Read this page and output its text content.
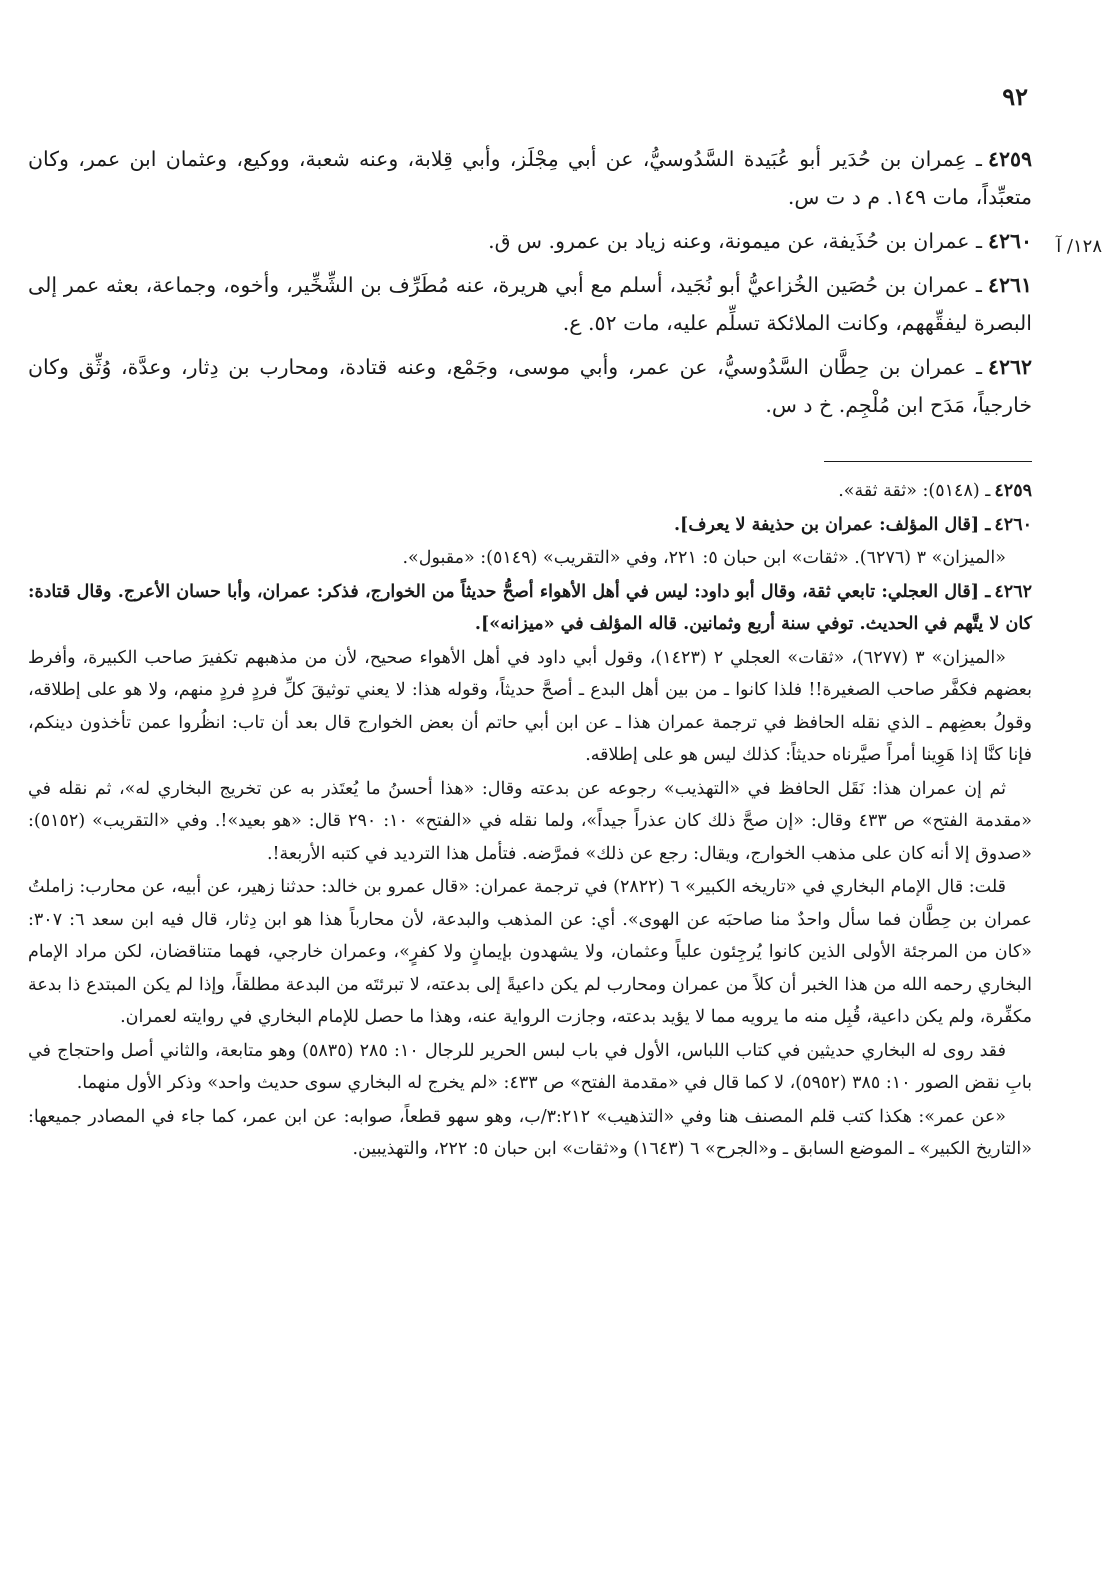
٩٢
١٢٨/ آ
٤٢٥٩ـ عِمران بن حُدَير أبو عُبَيدة السَّدُوسيُّ، عن أبي مِجْلَز، وأبي قِلابة، وعنه شعبة، ووكيع، وعثمان ابن عمر، وكان متعبِّداً، مات ١٤٩. م د ت س.
٤٢٦٠ـ عمران بن حُذَيفة، عن ميمونة، وعنه زياد بن عمرو. س ق.
٤٢٦١ـ عمران بن حُصَين الخُزاعيُّ أبو نُجَيد، أسلم مع أبي هريرة، عنه مُطَرِّف بن الشِّخِّير، وأخوه، وجماعة، بعثه عمر إلى البصرة ليفقِّههم، وكانت الملائكة تسلِّم عليه، مات ٥٢. ع.
٤٢٦٢ـ عمران بن حِطَّان السَّدُوسيُّ، عن عمر، وأبي موسى، وجَمْع، وعنه قتادة، ومحارب بن دِثار، وعدَّة، وُثِّق وكان خارجياً، مَدَح ابن مُلْجِم. خ د س.
٤٢٥٩ـ (٥١٤٨): «ثقة ثقة».
٤٢٦٠ـ [قال المؤلف: عمران بن حذيفة لا يعرف].
«الميزان» ٣ (٦٢٧٦). «ثقات» ابن حبان ٥: ٢٢١، وفي «التقريب» (٥١٤٩): «مقبول».
٤٢٦٢ـ [قال العجلي: تابعي ثقة، وقال أبو داود: ليس في أهل الأهواء أصحُّ حديثاً من الخوارج، فذكر: عمران، وأبا حسان الأعرج. وقال قتادة: كان لا يتَّهم في الحديث. توفي سنة أربع وثمانين. قاله المؤلف في «ميزانه»].
«الميزان» ٣ (٦٢٧٧)، «ثقات» العجلي ٢ (١٤٢٣)، وقول أبي داود في أهل الأهواء صحيح، لأن من مذهبهم تكفيرَ صاحب الكبيرة، وأفرط بعضهم فكفَّر صاحب الصغيرة!! فلذا كانوا ـ من بين أهل البدع ـ أصحَّ حديثاً، وقوله هذا: لا يعني توثيقَ كلِّ فردٍ فردٍ منهم، ولا هو على إطلاقه، وقولُ بعضِهم ـ الذي نقله الحافظ في ترجمة عمران هذا ـ عن ابن أبي حاتم أن بعض الخوارج قال بعد أن تاب: انظُروا عمن تأخذون دينكم، فإنا كنَّا إذا هَوِينا أمراً صيَّرناه حديثاً: كذلك ليس هو على إطلاقه.
ثم إن عمران هذا: نَقَل الحافظ في «التهذيب» رجوعه عن بدعته وقال: «هذا أحسنُ ما يُعتَذر به عن تخريج البخاري له»، ثم نقله في «مقدمة الفتح» ص ٤٣٣ وقال: «إن صحَّ ذلك كان عذراً جيداً»، ولما نقله في «الفتح» ١٠: ٢٩٠ قال: «هو بعيد»!. وفي «التقريب» (٥١٥٢): «صدوق إلا أنه كان على مذهب الخوارج، ويقال: رجع عن ذلك» فمرَّضه. فتأمل هذا الترديد في كتبه الأربعة!.
قلت: قال الإمام البخاري في «تاريخه الكبير» ٦ (٢٨٢٢) في ترجمة عمران: «قال عمرو بن خالد: حدثنا زهير، عن أبيه، عن محارب: زاملتُ عمران بن حِطَّان فما سأل واحدٌ منا صاحبَه عن الهوى». أي: عن المذهب والبدعة، لأن محارباً هذا هو ابن دِثار، قال فيه ابن سعد ٦: ٣٠٧: «كان من المرجئة الأولى الذين كانوا يُرجِئون علياً وعثمان، ولا يشهدون بإيمانٍ ولا كفرٍ»، وعمران خارجي، فهما متناقضان، لكن مراد الإمام البخاري رحمه الله من هذا الخبر أن كلاً من عمران ومحارب لم يكن داعيةً إلى بدعته، لا تبرئتَه من البدعة مطلقاً، وإذا لم يكن المبتدع ذا بدعة مكفِّرة، ولم يكن داعية، قُبِل منه ما يرويه مما لا يؤيد بدعته، وجازت الرواية عنه، وهذا ما حصل للإمام البخاري في روايته لعمران.
فقد روى له البخاري حديثين في كتاب اللباس، الأول في باب لبس الحرير للرجال ١٠: ٢٨٥ (٥٨٣٥) وهو متابعة، والثاني أصل واحتجاج في بابِ نقض الصور ١٠: ٣٨٥ (٥٩٥٢)، لا كما قال في «مقدمة الفتح» ص ٤٣٣: «لم يخرج له البخاري سوى حديث واحد» وذكر الأول منهما.
«عن عمر»: هكذا كتب قلم المصنف هنا وفي «التذهيب» ٣:٢١٢/ب، وهو سهو قطعاً، صوابه: عن ابن عمر، كما جاء في المصادر جميعها: «التاريخ الكبير» ـ الموضع السابق ـ و«الجرح» ٦ (١٦٤٣) و«ثقات» ابن حبان ٥: ٢٢٢، والتهذيبين.
